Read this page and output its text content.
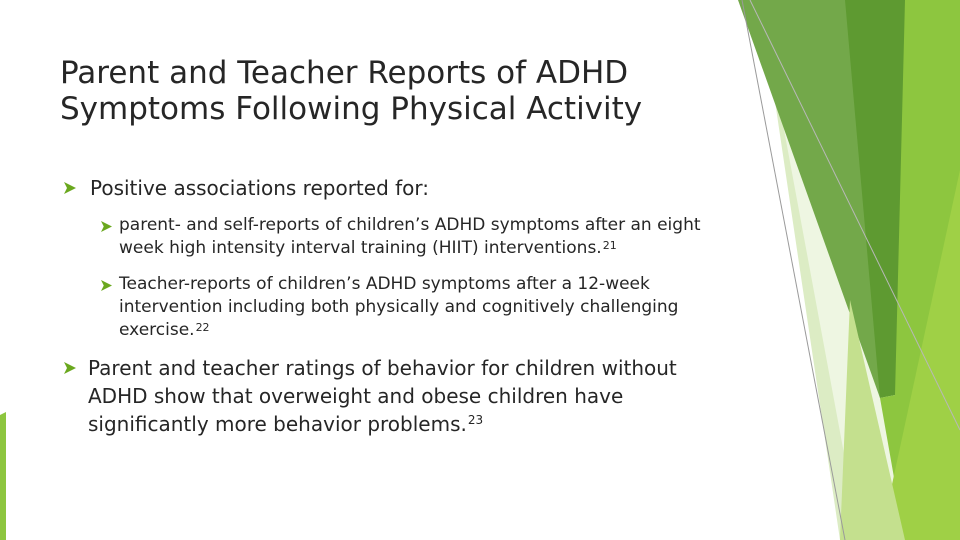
Parent and Teacher Reports of ADHD Symptoms Following Physical Activity
Positive associations reported for:
parent- and self-reports of children’s ADHD symptoms after an eight week high intensity interval training (HIIT) interventions.$^{21}$
Teacher-reports of children’s ADHD symptoms after a 12-week intervention including both physically and cognitively challenging exercise.$^{22}$
Parent and teacher ratings of behavior for children without ADHD show that overweight and obese children have significantly more behavior problems.$^{23}$
